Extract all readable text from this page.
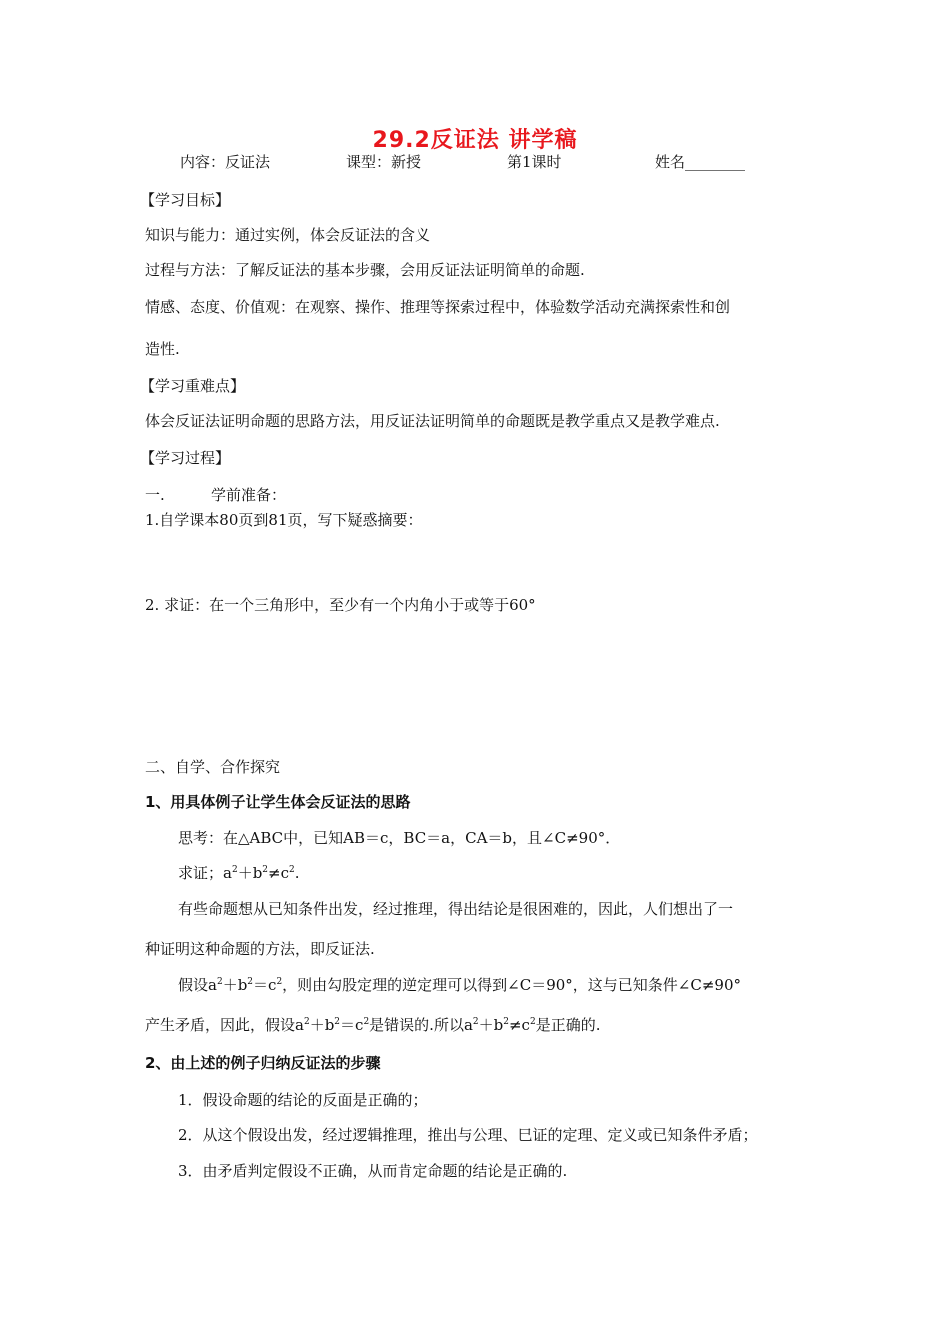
29.2反证法 讲学稿
内容：反证法	课型：新授	第1课时	姓名________
【学习目标】
知识与能力：通过实例，体会反证法的含义
过程与方法：了解反证法的基本步骤，会用反证法证明简单的命题.
情感、态度、价值观：在观察、操作、推理等探索过程中，体验数学活动充满探索性和创
造性.
【学习重难点】
体会反证法证明命题的思路方法，用反证法证明简单的命题既是教学重点又是教学难点.
【学习过程】
一.	学前准备：
1.自学课本80页到81页，写下疑惑摘要：
2. 求证：在一个三角形中，至少有一个内角小于或等于60°
二、自学、合作探究
1、用具体例子让学生体会反证法的思路
思考：在△ABC中，已知AB＝c，BC＝a，CA＝b，且∠C≠90°．
求证；$a^2+b^2\ne c^2$.
有些命题想从已知条件出发，经过推理，得出结论是很困难的，因此，人们想出了一
种证明这种命题的方法，即反证法.
假设$a^2+b^2=c^2$，则由勾股定理的逆定理可以得到∠C＝90°，这与已知条件∠C≠90°
产生矛盾，因此，假设$a^2+b^2=c^2$是错误的.所以$a^2+b^2\ne c^2$是正确的.
2、由上述的例子归纳反证法的步骤
1．假设命题的结论的反面是正确的；
2．从这个假设出发，经过逻辑推理，推出与公理、巳证的定理、定义或已知条件矛盾；
3．由矛盾判定假设不正确，从而肯定命题的结论是正确的.
